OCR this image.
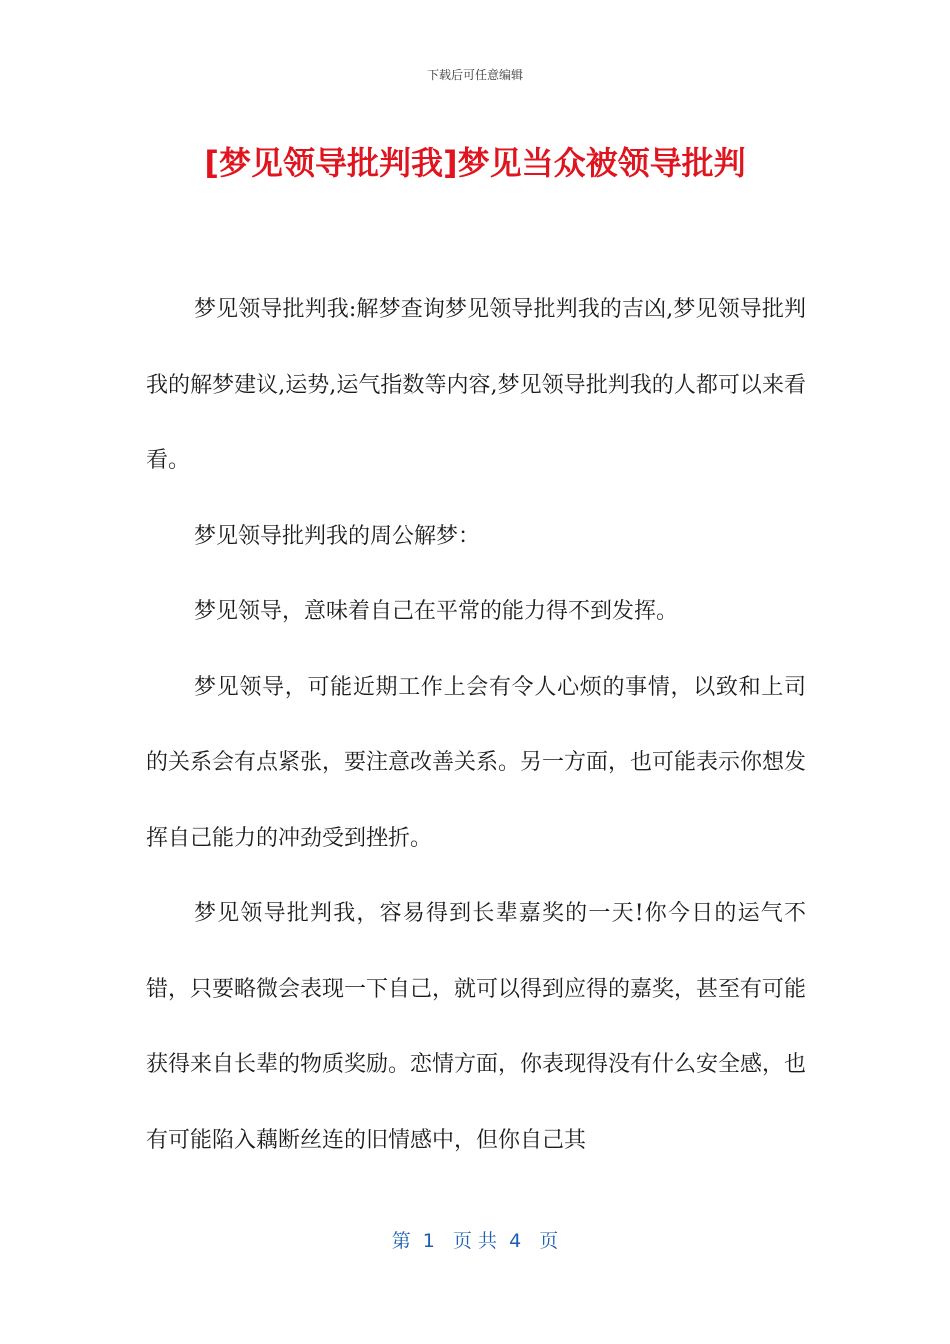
下载后可任意编辑
[梦见领导批判我]梦见当众被领导批判

梦见领导批判我:解梦查询梦见领导批判我的吉凶,梦见领导批判我的解梦建议,运势,运气指数等内容,梦见领导批判我的人都可以来看看。

梦见领导批判我的周公解梦：

梦见领导，意味着自己在平常的能力得不到发挥。

梦见领导，可能近期工作上会有令人心烦的事情，以致和上司的关系会有点紧张，要注意改善关系。另一方面，也可能表示你想发挥自己能力的冲劲受到挫折。

梦见领导批判我，容易得到长辈嘉奖的一天!你今日的运气不错，只要略微会表现一下自己，就可以得到应得的嘉奖，甚至有可能获得来自长辈的物质奖励。恋情方面，你表现得没有什么安全感，也有可能陷入藕断丝连的旧情感中，但你自己其

第  1   页 共  4   页
